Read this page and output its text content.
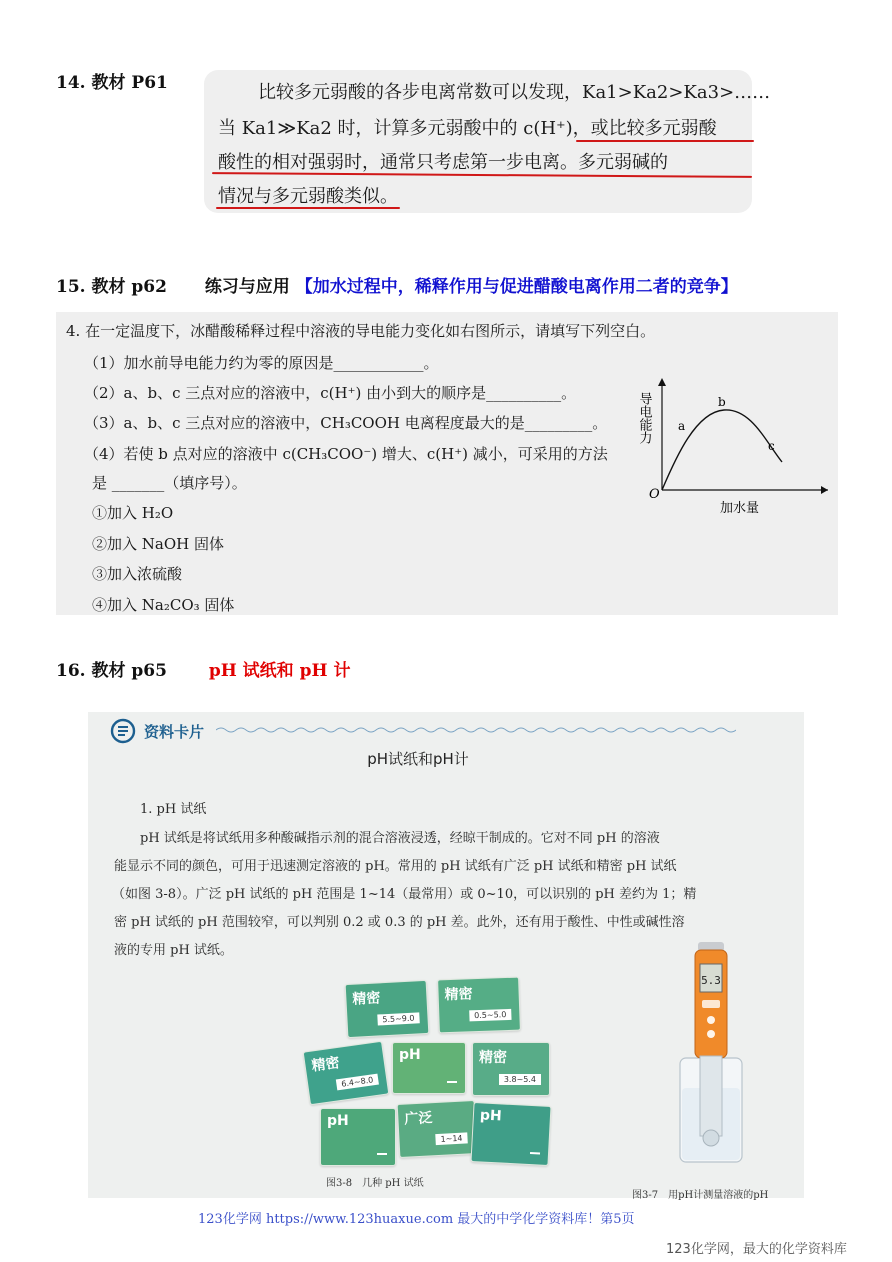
14. 教材 P61	比较多元弱酸的各步电离常数可以发现，Ka1>Ka2>Ka3>……
当 Ka1≫Ka2 时，计算多元弱酸中的 c(H⁺)，或比较多元弱酸
酸性的相对强弱时，通常只考虑第一步电离。多元弱碱的
情况与多元弱酸类似。
15. 教材 p62 练习与应用 【加水过程中，稀释作用与促进醋酸电离作用二者的竞争】
4. 在一定温度下，冰醋酸稀释过程中溶液的导电能力变化如右图所示，请填写下列空白。
（1）加水前导电能力约为零的原因是____________。
（2）a、b、c 三点对应的溶液中，c(H⁺) 由小到大的顺序是__________。
（3）a、b、c 三点对应的溶液中，CH₃COOH 电离程度最大的是_________。
（4）若使 b 点对应的溶液中 c(CH₃COO⁻) 增大、c(H⁺) 减小，可采用的方法
是 _______（填序号）。
①加入 H₂O
②加入 NaOH 固体
③加入浓硫酸
④加入 Na₂CO₃ 固体
导电能力
加水量
O
a
b
c
16. 教材 p65 pH 试纸和 pH 计
资料卡片
pH试纸和pH计
1. pH 试纸
pH 试纸是将试纸用多种酸碱指示剂的混合溶液浸透，经晾干制成的。它对不同 pH 的溶液
能显示不同的颜色，可用于迅速测定溶液的 pH。常用的 pH 试纸有广泛 pH 试纸和精密 pH 试纸
（如图 3-8）。广泛 pH 试纸的 pH 范围是 1~14（最常用）或 0~10，可以识别的 pH 差约为 1；精
密 pH 试纸的 pH 范围较窄，可以判别 0.2 或 0.3 的 pH 差。此外，还有用于酸性、中性或碱性溶
液的专用 pH 试纸。
精密
5.5~9.0
精密
0.5~5.0
精密
6.4~8.0
pH	精密
3.8~5.4
pH	广泛
1~14
pH
5.3
图3-8　几种 pH 试纸
图3-7　用pH计测量溶液的pH
123化学网 https://www.123huaxue.com 最大的中学化学资料库！第5页
123化学网，最大的化学资料库
